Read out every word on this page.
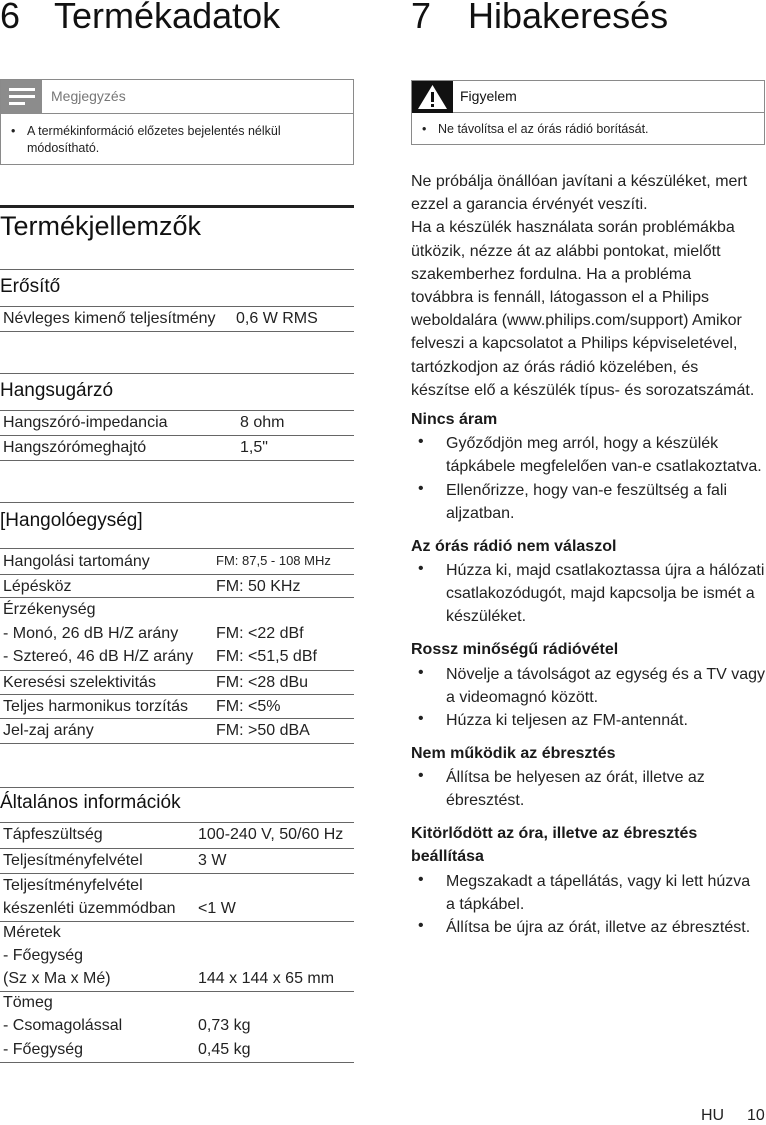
6 Termékadatok
Megjegyzés
• A termékinformáció előzetes bejelentés nélkül
módosítható.
Termékjellemzők
Erősítő
Névleges kimenő teljesítmény 0,6 W RMS
Hangsugárzó
Hangszóró-impedancia	8 ohm
Hangszórómeghajtó	1,5"
[Hangolóegység]
Hangolási tartomány	FM: 87,5 - 108 MHz
Lépésköz	FM: 50 KHz
Érzékenység
- Monó, 26 dB H/Z arány FM: <22 dBf
- Sztereó, 46 dB H/Z arány FM: <51,5 dBf
Keresési szelektivitás	FM: <28 dBu
Teljes harmonikus torzítás FM: <5%
Jel-zaj arány	FM: >50 dBA
Általános információk
Tápfeszültség	100-240 V, 50/60 Hz
Teljesítményfelvétel	3 W
Teljesítményfelvétel
készenléti üzemmódban <1 W
Méretek
- Főegység
(Sz x Ma x Mé)	144 x 144 x 65 mm
Tömeg
- Csomagolással	0,73 kg
- Főegység	0,45 kg
7 Hibakeresés
Figyelem
• Ne távolítsa el az órás rádió borítását.
Ne próbálja önállóan javítani a készüléket, mert
ezzel a garancia érvényét veszíti.
Ha a készülék használata során problémákba
ütközik, nézze át az alábbi pontokat, mielőtt
szakemberhez fordulna. Ha a probléma
továbbra is fennáll, látogasson el a Philips
weboldalára (www.philips.com/support) Amikor
felveszi a kapcsolatot a Philips képviseletével,
tartózkodjon az órás rádió közelében, és
készítse elő a készülék típus- és sorozatszámát.
Nincs áram
• Győződjön meg arról, hogy a készülék
tápkábele megfelelően van-e csatlakoztatva.
• Ellenőrizze, hogy van-e feszültség a fali
aljzatban.
Az órás rádió nem válaszol
• Húzza ki, majd csatlakoztassa újra a hálózati
csatlakozódugót, majd kapcsolja be ismét a
készüléket.
Rossz minőségű rádióvétel
• Növelje a távolságot az egység és a TV vagy
a videomagnó között.
• Húzza ki teljesen az FM-antennát.
Nem működik az ébresztés
• Állítsa be helyesen az órát, illetve az
ébresztést.
Kitörlődött az óra, illetve az ébresztés
beállítása
• Megszakadt a tápellátás, vagy ki lett húzva
a tápkábel.
• Állítsa be újra az órát, illetve az ébresztést.
HU 10
